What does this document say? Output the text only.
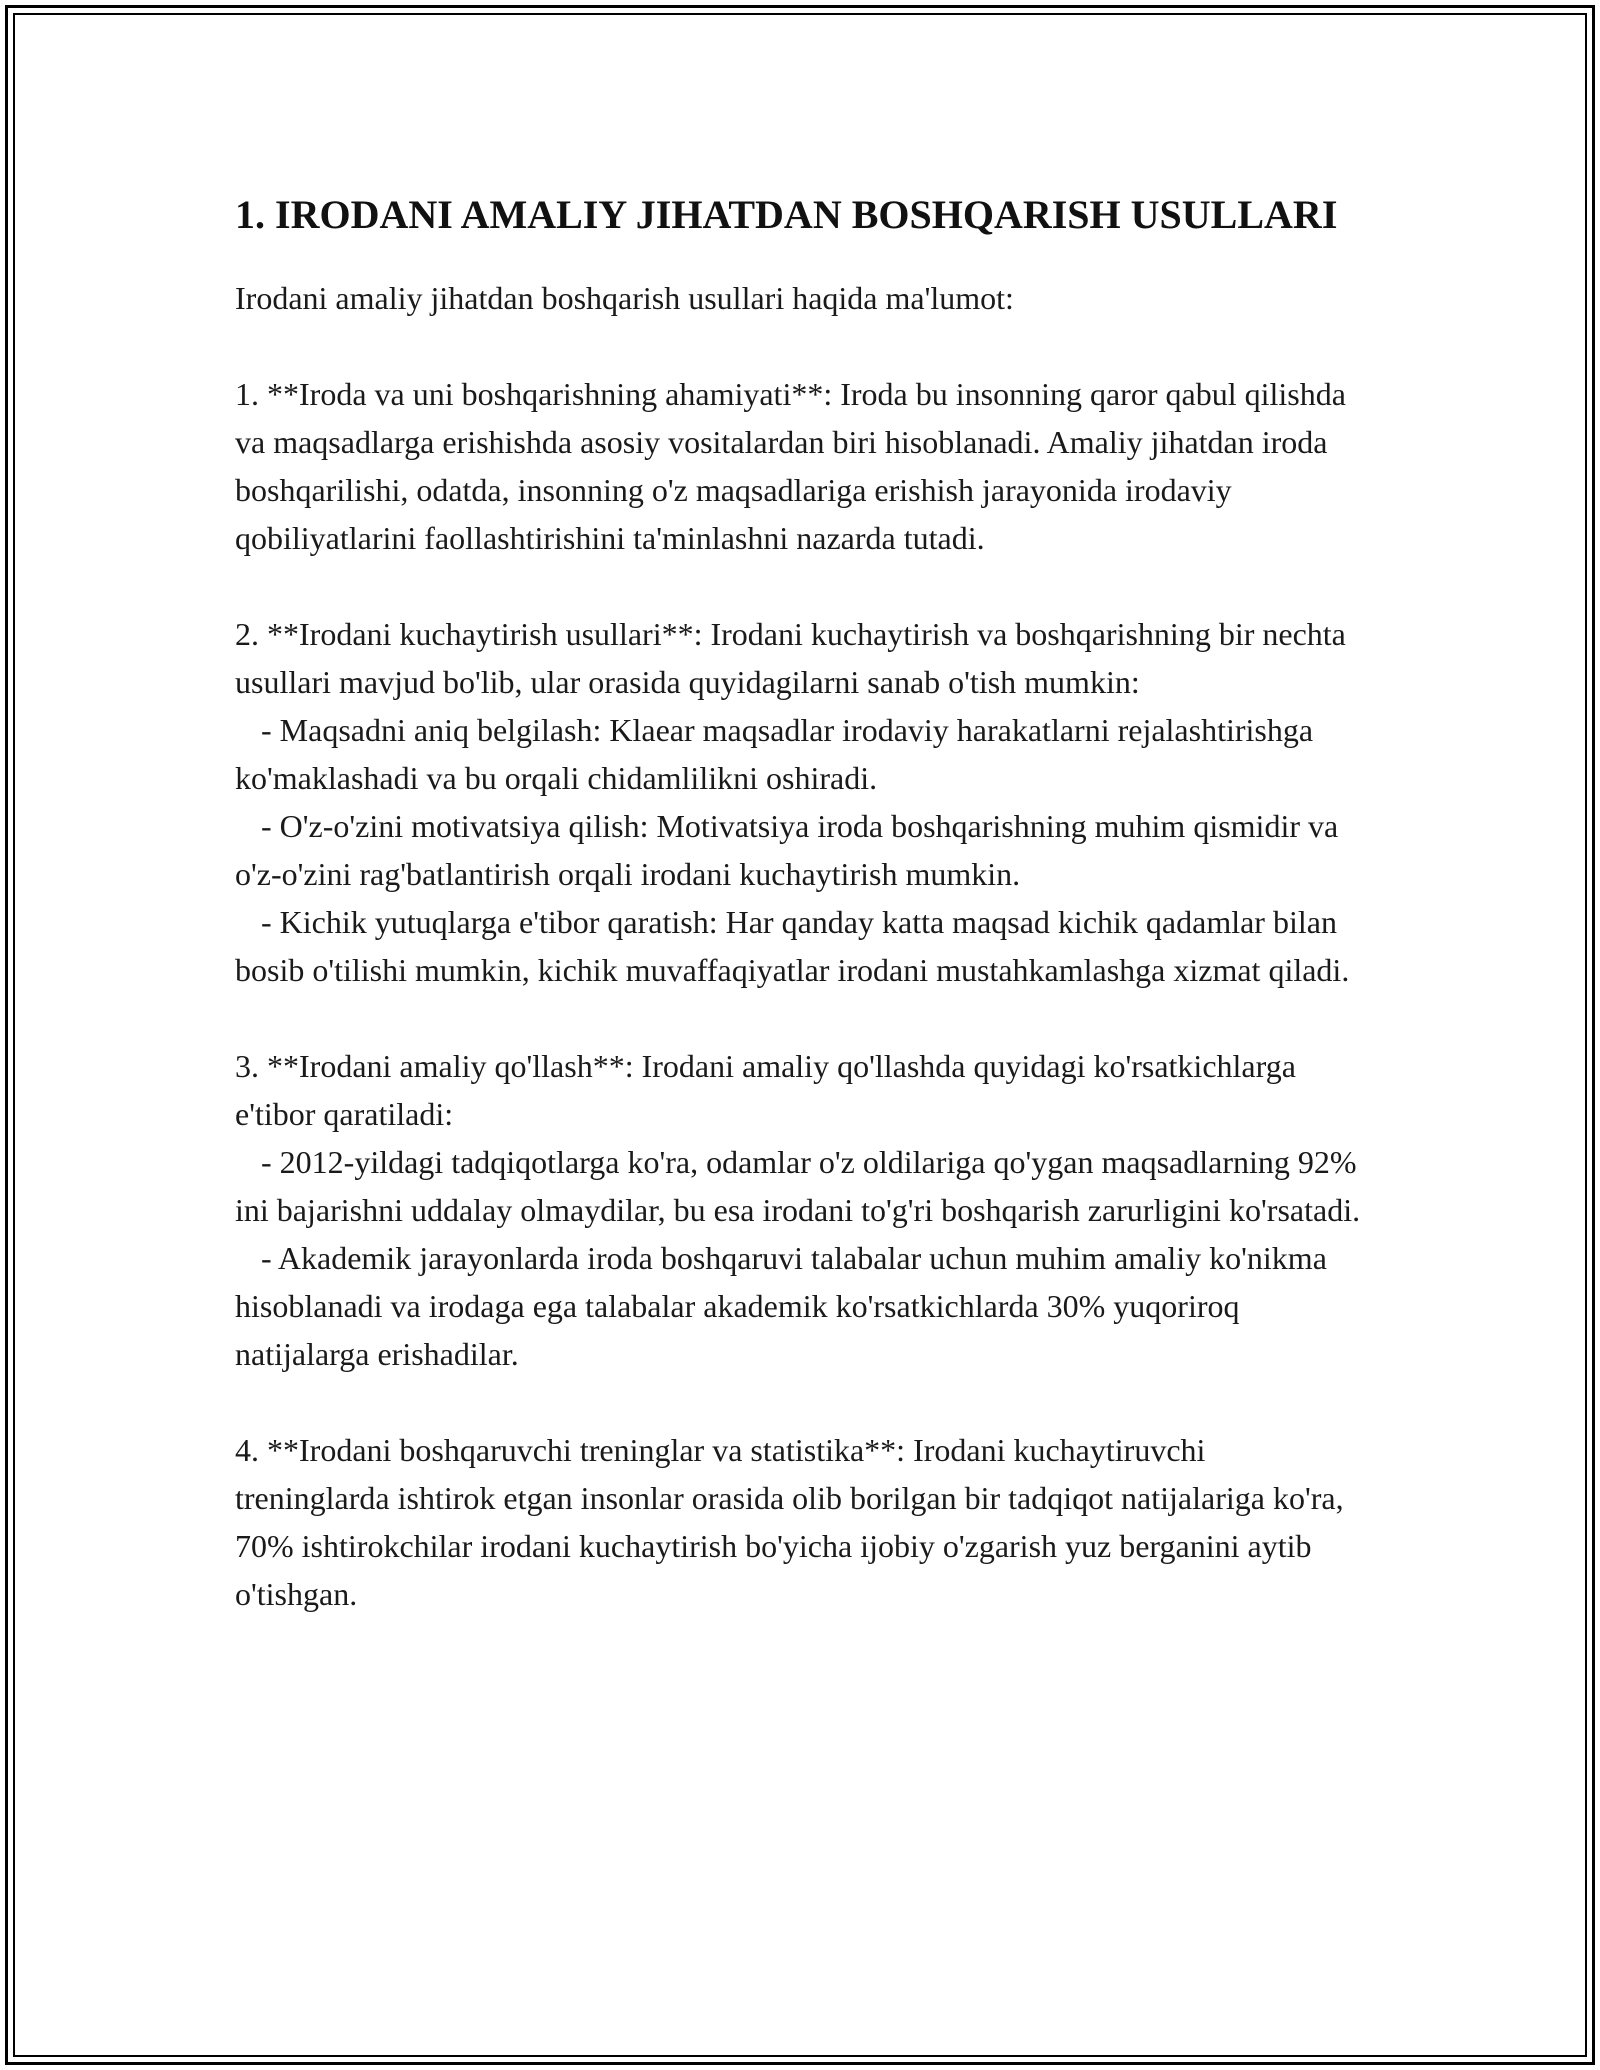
1. IRODANI AMALIY JIHATDAN BOSHQARISH USULLARI

Irodani amaliy jihatdan boshqarish usullari haqida ma'lumot:

1. **Iroda va uni boshqarishning ahamiyati**: Iroda bu insonning qaror qabul qilishda va maqsadlarga erishishda asosiy vositalardan biri hisoblanadi. Amaliy jihatdan iroda boshqarilishi, odatda, insonning o'z maqsadlariga erishish jarayonida irodaviy qobiliyatlarini faollashtirishini ta'minlashni nazarda tutadi.

2. **Irodani kuchaytirish usullari**: Irodani kuchaytirish va boshqarishning bir nechta usullari mavjud bo'lib, ular orasida quyidagilarni sanab o'tish mumkin:

- Maqsadni aniq belgilash: Klaear maqsadlar irodaviy harakatlarni rejalashtirishga ko'maklashadi va bu orqali chidamlilikni oshiradi.

- O'z-o'zini motivatsiya qilish: Motivatsiya iroda boshqarishning muhim qismidir va o'z-o'zini rag'batlantirish orqali irodani kuchaytirish mumkin.

- Kichik yutuqlarga e'tibor qaratish: Har qanday katta maqsad kichik qadamlar bilan bosib o'tilishi mumkin, kichik muvaffaqiyatlar irodani mustahkamlashga xizmat qiladi.

3. **Irodani amaliy qo'llash**: Irodani amaliy qo'llashda quyidagi ko'rsatkichlarga e'tibor qaratiladi:

- 2012-yildagi tadqiqotlarga ko'ra, odamlar o'z oldilariga qo'ygan maqsadlarning 92% ini bajarishni uddalay olmaydilar, bu esa irodani to'g'ri boshqarish zarurligini ko'rsatadi.

- Akademik jarayonlarda iroda boshqaruvi talabalar uchun muhim amaliy ko'nikma hisoblanadi va irodaga ega talabalar akademik ko'rsatkichlarda 30% yuqoriroq natijalarga erishadilar.

4. **Irodani boshqaruvchi treninglar va statistika**: Irodani kuchaytiruvchi treninglarda ishtirok etgan insonlar orasida olib borilgan bir tadqiqot natijalariga ko'ra, 70% ishtirokchilar irodani kuchaytirish bo'yicha ijobiy o'zgarish yuz berganini aytib o'tishgan.
